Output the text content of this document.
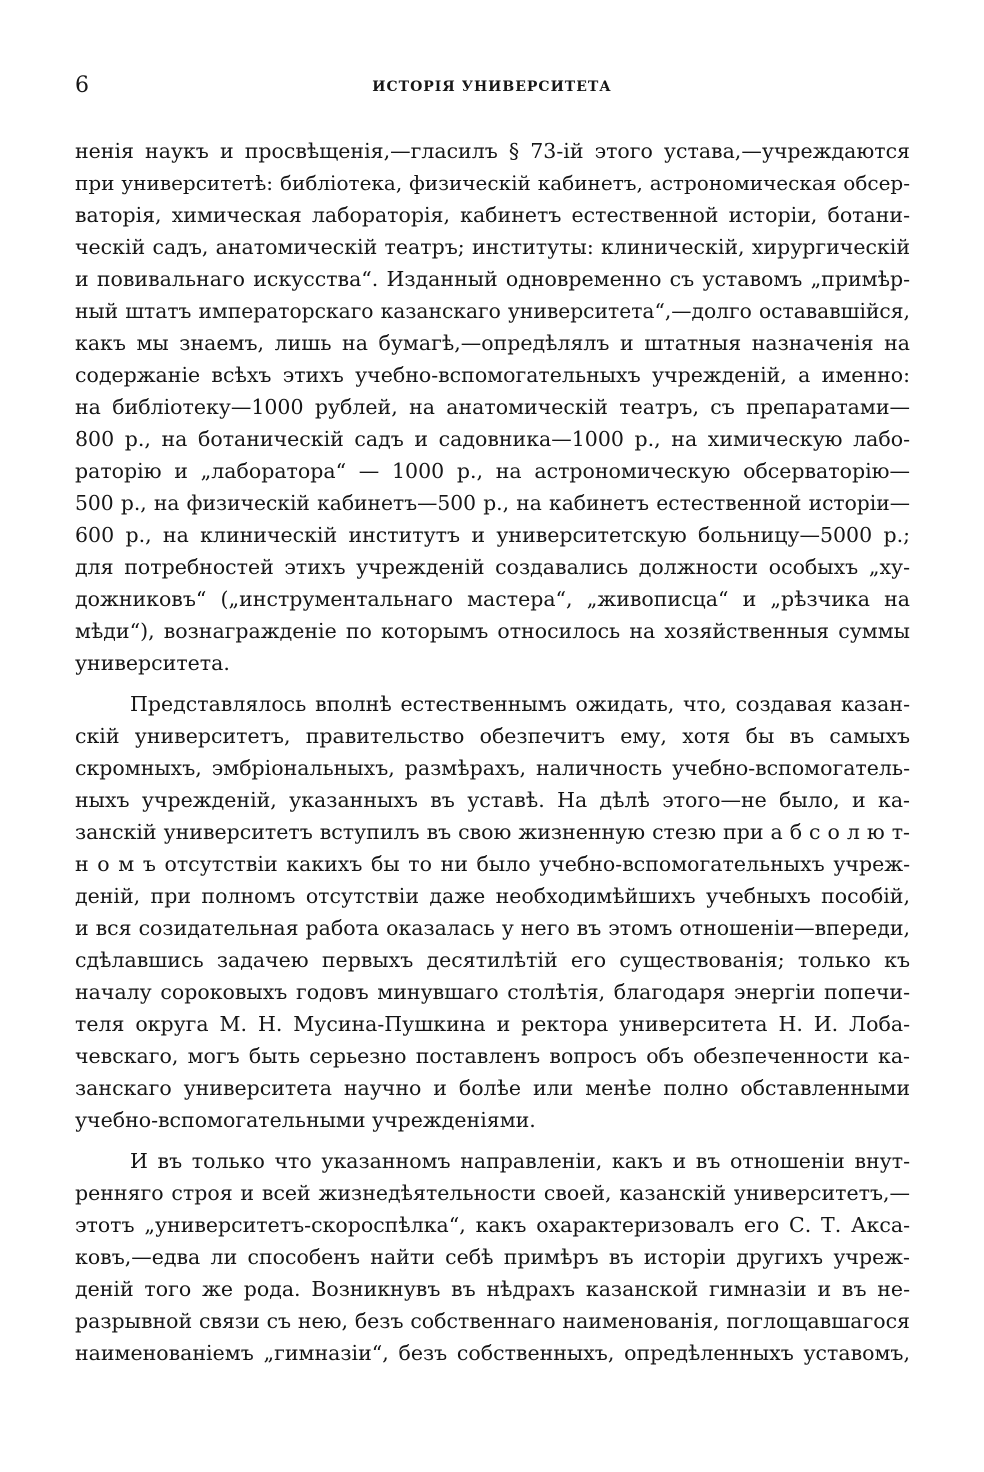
6	ИСТОРІЯ УНИВЕРСИТЕТА
ненія наукъ и просвѣщенія,—гласилъ § 73-ій этого устава,—учреждаются
при университетѣ: библіотека, физическій кабинетъ, астрономическая обсер-
ваторія, химическая лабораторія, кабинетъ естественной исторіи, ботани-
ческій садъ, анатомическій театръ; институты: клиническій, хирургическій
и повивальнаго искусства“. Изданный одновременно съ уставомъ „примѣр-
ный штатъ императорскаго казанскаго университета“,—долго остававшійся,
какъ мы знаемъ, лишь на бумагѣ,—опредѣлялъ и штатныя назначенія на
содержаніе всѣхъ этихъ учебно-вспомогательныхъ учрежденій, а именно:
на библіотеку—1000 рублей, на анатомическій театръ, съ препаратами—
800 р., на ботаническій садъ и садовника—1000 р., на химическую лабо-
раторію и „лаборатора“ — 1000 р., на астрономическую обсерваторію—
500 р., на физическій кабинетъ—500 р., на кабинетъ естественной исторіи—
600 р., на клиническій институтъ и университетскую больницу—5000 р.;
для потребностей этихъ учрежденій создавались должности особыхъ „ху-
дожниковъ“ („инструментальнаго мастера“, „живописца“ и „рѣзчика на
мѣди“), вознагражденіе по которымъ относилось на хозяйственныя суммы
университета.
Представлялось вполнѣ естественнымъ ожидать, что, создавая казан-
скій университетъ, правительство обезпечитъ ему, хотя бы въ самыхъ
скромныхъ, эмбріональныхъ, размѣрахъ, наличность учебно-вспомогатель-
ныхъ учрежденій, указанныхъ въ уставѣ. На дѣлѣ этого—не было, и ка-
занскій университетъ вступилъ въ свою жизненную стезю при а б с о л ю т-
н о м ъ отсутствіи какихъ бы то ни было учебно-вспомогательныхъ учреж-
деній, при полномъ отсутствіи даже необходимѣйшихъ учебныхъ пособій,
и вся созидательная работа оказалась у него въ этомъ отношеніи—впереди,
сдѣлавшись задачею первыхъ десятилѣтій его существованія; только къ
началу сороковыхъ годовъ минувшаго столѣтія, благодаря энергіи попечи-
теля округа М. Н. Мусина-Пушкина и ректора университета Н. И. Лоба-
чевскаго, могъ быть серьезно поставленъ вопросъ объ обезпеченности ка-
занскаго университета научно и болѣе или менѣе полно обставленными
учебно-вспомогательными учрежденіями.
И въ только что указанномъ направленіи, какъ и въ отношеніи внут-
ренняго строя и всей жизнедѣятельности своей, казанскій университетъ,—
этотъ „университетъ-скороспѣлка“, какъ охарактеризовалъ его С. Т. Акса-
ковъ,—едва ли способенъ найти себѣ примѣръ въ исторіи другихъ учреж-
деній того же рода. Возникнувъ въ нѣдрахъ казанской гимназіи и въ не-
разрывной связи съ нею, безъ собственнаго наименованія, поглощавшагося
наименованіемъ „гимназіи“, безъ собственныхъ, опредѣленныхъ уставомъ,
